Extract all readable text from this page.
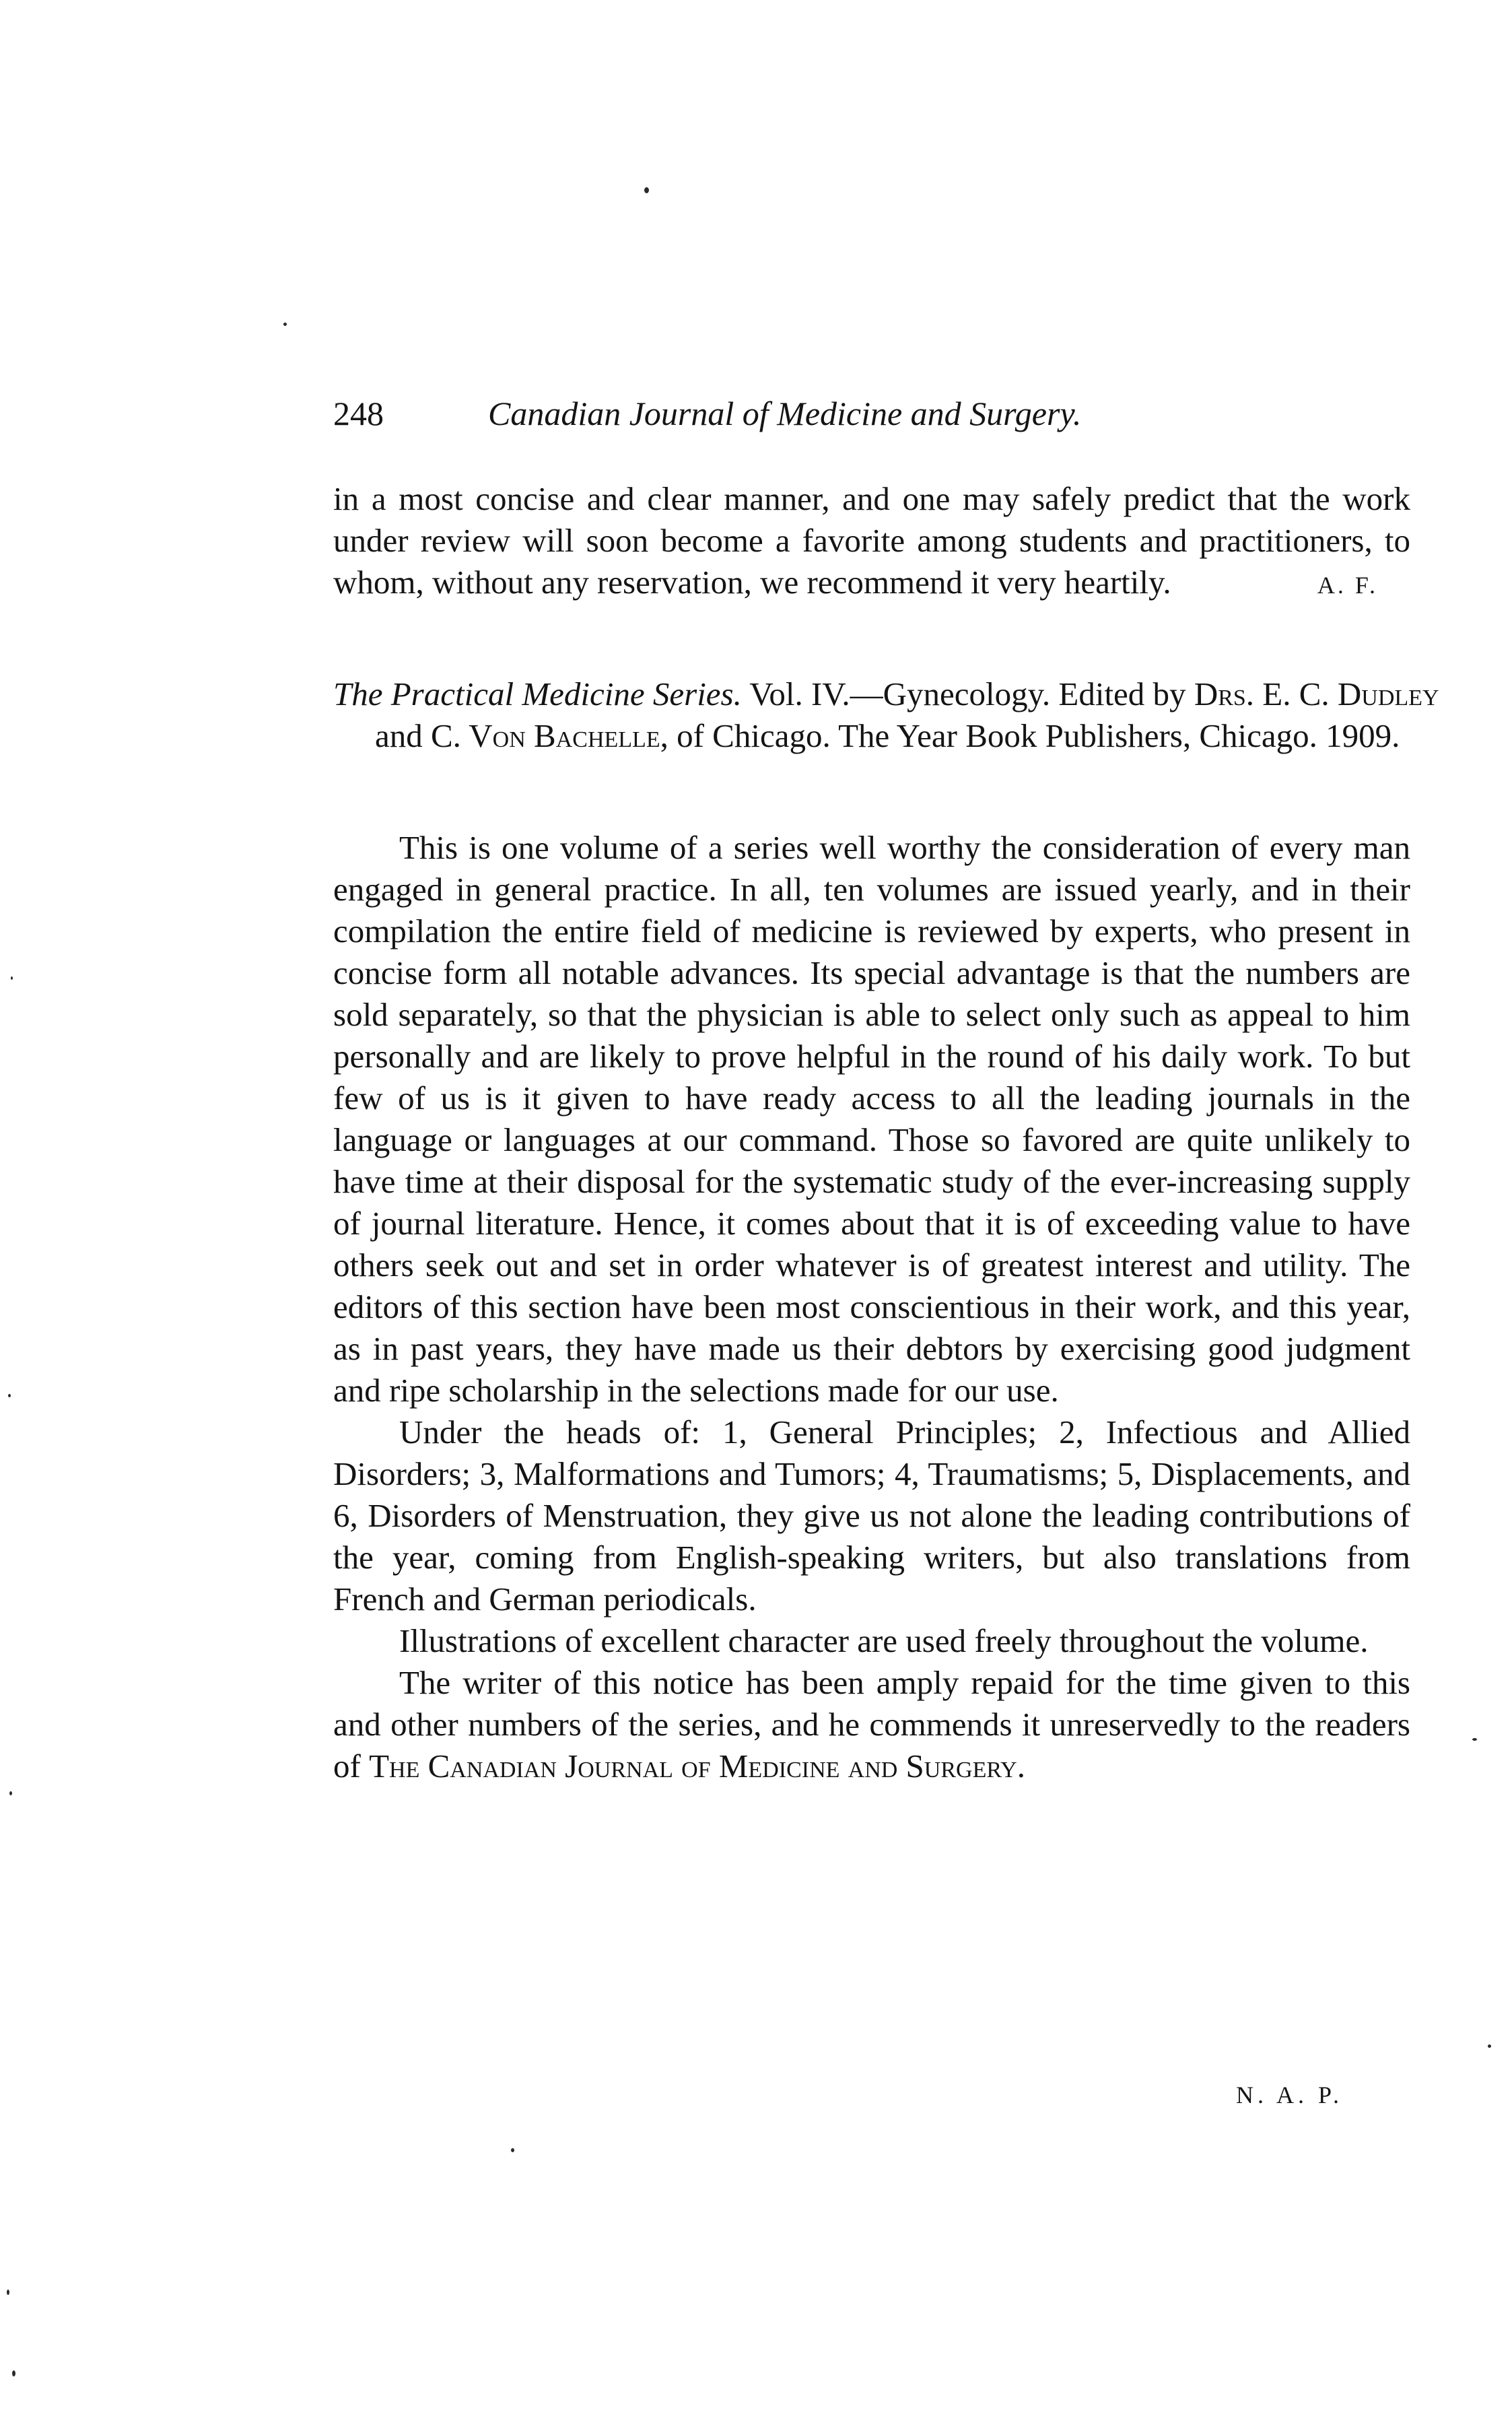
248	Canadian Journal of Medicine and Surgery.

in a most concise and clear manner, and one may safely predict that the work under review will soon become a favorite among students and practitioners, to whom, without any reservation, we recommend it very heartily.	A. F.

The Practical Medicine Series. Vol. IV.—Gynecology. Edited by Drs. E. C. Dudley and C. Von Bachelle, of Chicago. The Year Book Publishers, Chicago. 1909.

This is one volume of a series well worthy the consideration of every man engaged in general practice. In all, ten volumes are issued yearly, and in their compilation the entire field of medicine is reviewed by experts, who present in concise form all notable advances. Its special advantage is that the numbers are sold separately, so that the physician is able to select only such as appeal to him personally and are likely to prove helpful in the round of his daily work. To but few of us is it given to have ready access to all the leading journals in the language or languages at our command. Those so favored are quite unlikely to have time at their disposal for the systematic study of the ever-increasing supply of journal literature. Hence, it comes about that it is of exceeding value to have others seek out and set in order whatever is of greatest interest and utility. The editors of this section have been most conscientious in their work, and this year, as in past years, they have made us their debtors by exercising good judgment and ripe scholarship in the selections made for our use.

Under the heads of: 1, General Principles; 2, Infectious and Allied Disorders; 3, Malformations and Tumors; 4, Traumatisms; 5, Displacements, and 6, Disorders of Menstruation, they give us not alone the leading contributions of the year, coming from English-speaking writers, but also translations from French and German periodicals.

Illustrations of excellent character are used freely throughout the volume.

The writer of this notice has been amply repaid for the time given to this and other numbers of the series, and he commends it unreservedly to the readers of The Canadian Journal of Medicine and Surgery.

N. A. P.
